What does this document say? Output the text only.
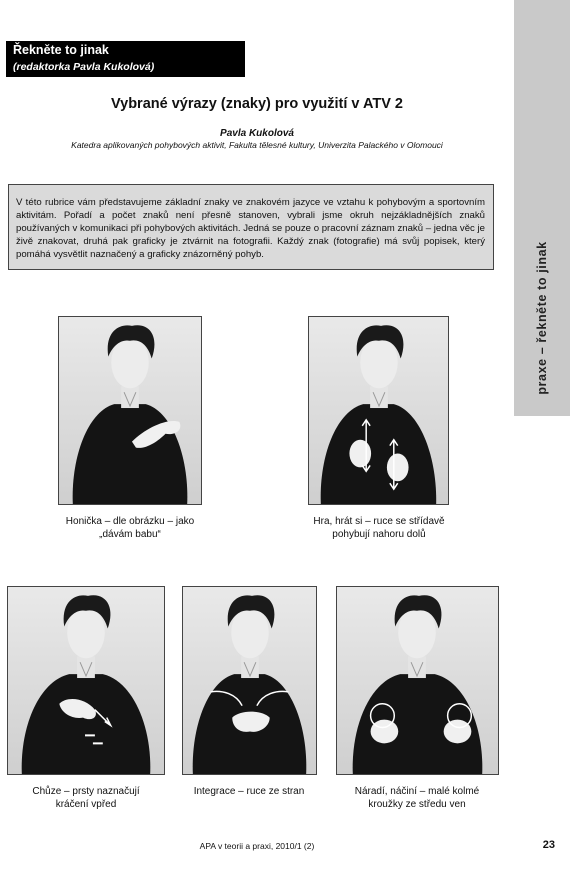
praxe – řekněte to jinak
Řekněte to jinak
(redaktorka Pavla Kukolová)
Vybrané výrazy (znaky) pro využití v ATV 2
Pavla Kukolová
Katedra aplikovaných pohybových aktivit, Fakulta tělesné kultury, Univerzita Palackého v Olomouci
V této rubrice vám představujeme základní znaky ve znakovém jazyce ve vztahu k pohybovým a sportovním aktivitám. Pořadí a počet znaků není přesně stanoven, vybrali jsme okruh nejzákladnějších znaků používaných v komunikaci při pohybových aktivitách. Jedná se pouze o pracovní záznam znaků – jedna věc je živě znakovat, druhá pak graficky je ztvárnit na fotografii. Každý znak (fotografie) má svůj popisek, který pomáhá vysvětlit naznačený a graficky znázorněný pohyb.
Honička – dle obrázku – jako
„dávám babu“
Hra, hrát si – ruce se střídavě
pohybují nahoru dolů
Chůze – prsty naznačují
kráčení vpřed
Integrace – ruce ze stran	Náradí, náčiní – malé kolmé
kroužky ze středu ven
APA v teorii a praxi, 2010/1 (2)	23
